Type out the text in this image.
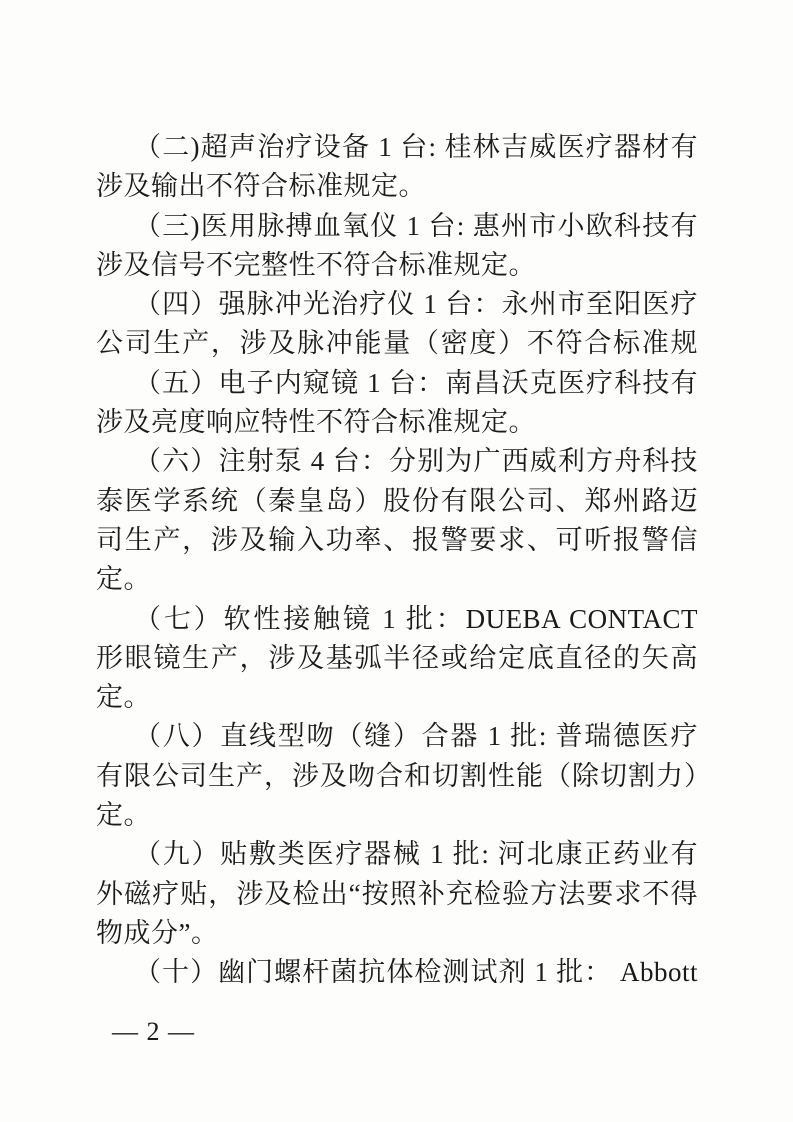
（二)超声治疗设备 1 台: 桂林吉威医疗器材有
涉及输出不符合标准规定。
（三)医用脉搏血氧仪 1 台: 惠州市小欧科技有
涉及信号不完整性不符合标准规定。
（四）强脉冲光治疗仪 1 台：永州市至阳医疗
公司生产，涉及脉冲能量（密度）不符合标准规
（五）电子内窥镜 1 台：南昌沃克医疗科技有
涉及亮度响应特性不符合标准规定。
（六）注射泵 4 台：分别为广西威利方舟科技
泰医学系统（秦皇岛）股份有限公司、郑州路迈
司生产，涉及输入功率、报警要求、可听报警信
定。
（七）软性接触镜 1 批：DUEBA CONTACT
形眼镜生产，涉及基弧半径或给定底直径的矢高
定。
（八）直线型吻（缝）合器 1 批: 普瑞德医疗
有限公司生产，涉及吻合和切割性能（除切割力）
定。
（九）贴敷类医疗器械 1 批: 河北康正药业有
外磁疗贴，涉及检出“按照补充检验方法要求不得
物成分”。
（十）幽门螺杆菌抗体检测试剂 1 批： Abbott
— 2 —
